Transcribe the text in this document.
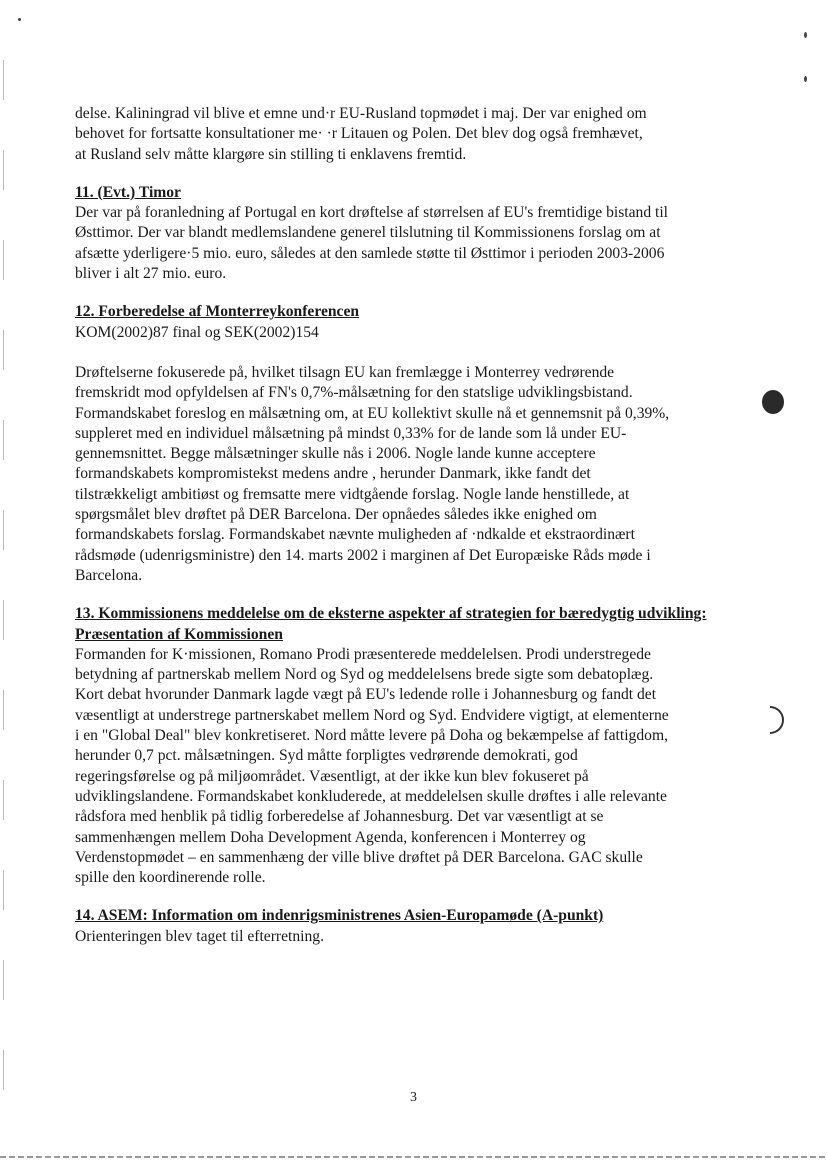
delse. Kaliningrad vil blive et emne und·r EU-Rusland topmødet i maj. Der var enighed om
behovet for fortsatte konsultationer me· ·r Litauen og Polen. Det blev dog også fremhævet,
at Rusland selv måtte klargøre sin stilling ti enklavens fremtid.

11. (Evt.) Timor

Der var på foranledning af Portugal en kort drøftelse af størrelsen af EU's fremtidige bistand til
Østtimor. Der var blandt medlemslandene generel tilslutning til Kommissionens forslag om at
afsætte yderligere·5 mio. euro, således at den samlede støtte til Østtimor i perioden 2003-2006
bliver i alt 27 mio. euro.

12. Forberedelse af Monterreykonferencen

KOM(2002)87 final og SEK(2002)154

Drøftelserne fokuserede på, hvilket tilsagn EU kan fremlægge i Monterrey vedrørende
fremskridt mod opfyldelsen af FN's 0,7%-målsætning for den statslige udviklingsbistand.
Formandskabet foreslog en målsætning om, at EU kollektivt skulle nå et gennemsnit på 0,39%,
suppleret med en individuel målsætning på mindst 0,33% for de lande som lå under EU-
gennemsnittet. Begge målsætninger skulle nås i 2006. Nogle lande kunne acceptere
formandskabets kompromistekst medens andre , herunder Danmark, ikke fandt det
tilstrækkeligt ambitiøst og fremsatte mere vidtgående forslag. Nogle lande henstillede, at
spørgsmålet blev drøftet på DER Barcelona. Der opnåedes således ikke enighed om
formandskabets forslag. Formandskabet nævnte muligheden af ·ndkalde et ekstraordinært
rådsmøde (udenrigsministre) den 14. marts 2002 i marginen af Det Europæiske Råds møde i
Barcelona.

13. Kommissionens meddelelse om de eksterne aspekter af strategien for bæredygtig udvikling: Præsentation af Kommissionen

Formanden for K·missionen, Romano Prodi præsenterede meddelelsen. Prodi understregede
betydning af partnerskab mellem Nord og Syd og meddelelsens brede sigte som debatoplæg.
Kort debat hvorunder Danmark lagde vægt på EU's ledende rolle i Johannesburg og fandt det
væsentligt at understrege partnerskabet mellem Nord og Syd. Endvidere vigtigt, at elementerne
i en "Global Deal" blev konkretiseret. Nord måtte levere på Doha og bekæmpelse af fattigdom,
herunder 0,7 pct. målsætningen. Syd måtte forpligtes vedrørende demokrati, god
regeringsførelse og på miljøområdet. Væsentligt, at der ikke kun blev fokuseret på
udviklingslandene. Formandskabet konkluderede, at meddelelsen skulle drøftes i alle relevante
rådsfora med henblik på tidlig forberedelse af Johannesburg. Det var væsentligt at se
sammenhængen mellem Doha Development Agenda, konferencen i Monterrey og
Verdenstopmødet – en sammenhæng der ville blive drøftet på DER Barcelona. GAC skulle
spille den koordinerende rolle.

14. ASEM: Information om indenrigsministrenes Asien-Europamøde (A-punkt)

Orienteringen blev taget til efterretning.

3
